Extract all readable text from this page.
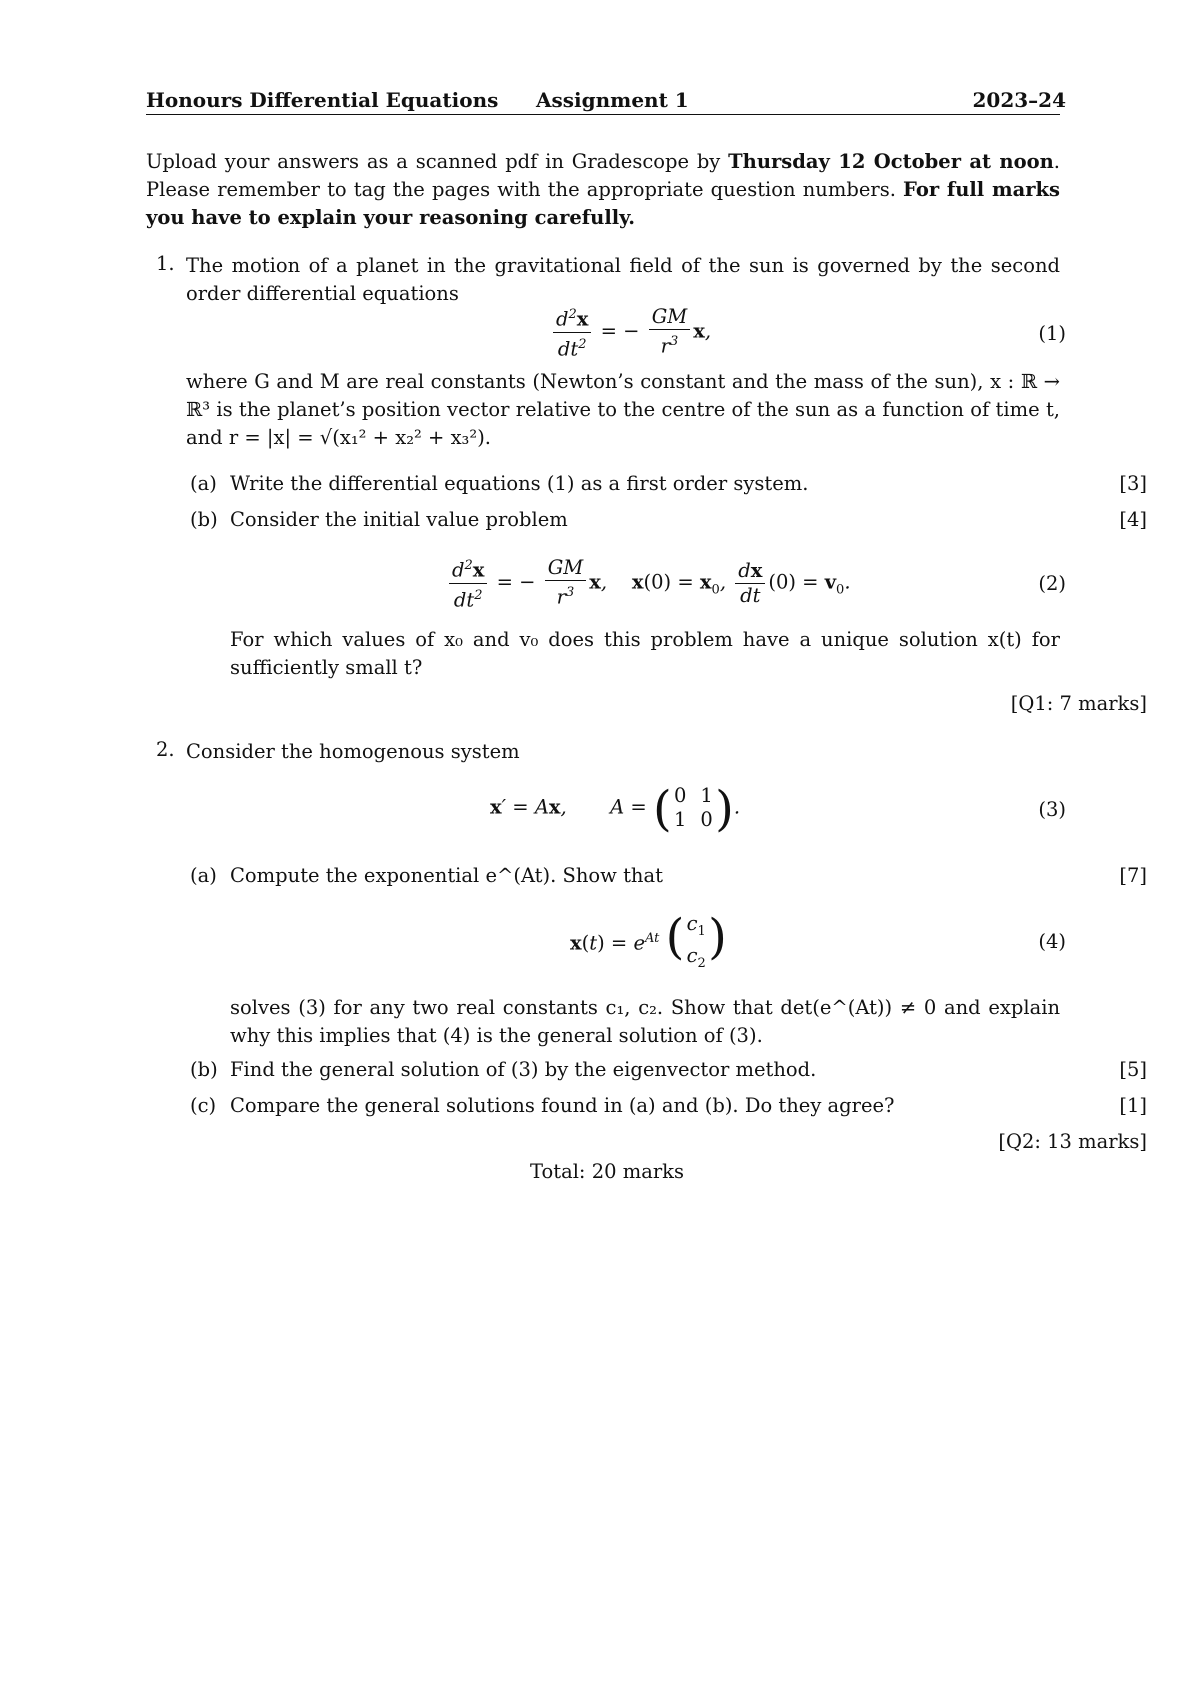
Honours Differential Equations Assignment 1	2023–24
Upload your answers as a scanned pdf in Gradescope by Thursday 12 October at noon. Please remember to tag the pages with the appropriate question numbers. For full marks you have to explain your reasoning carefully.
1. The motion of a planet in the gravitational field of the sun is governed by the second order differential equations
$\frac{d^2x}{dt^2}$ = − $\frac{GM}{r^3} x$,	(1)
where G and M are real constants (Newton’s constant and the mass of the sun), x : ℝ → ℝ³ is the planet’s position vector relative to the centre of the sun as a function of time t, and r = |x| = √(x₁² + x₂² + x₃²).
(a) Write the differential equations (1) as a first order system.	[3]
(b) Consider the initial value problem	[4]
$\frac{d^2x}{dt^2}$ = − $\frac{GM}{r^3} x$,    $x(0) = x_0$, $\frac{dx}{dt} (0) = v_0$.	(2)
For which values of x₀ and v₀ does this problem have a unique solution x(t) for sufficiently small t?
[Q1: 7 marks]
2. Consider the homogenous system
x′ = Ax,       A = ( 0	1
1	0 ) .	(3)
(a) Compute the exponential e^(At). Show that	[7]
$x(t) = e^{At}$ ( $c_1$
$c_2$ )	(4)
solves (3) for any two real constants c₁, c₂. Show that det(e^(At)) ≠ 0 and explain why this implies that (4) is the general solution of (3).
(b) Find the general solution of (3) by the eigenvector method.	[5]
(c) Compare the general solutions found in (a) and (b). Do they agree?	[1]
[Q2: 13 marks]
Total: 20 marks
